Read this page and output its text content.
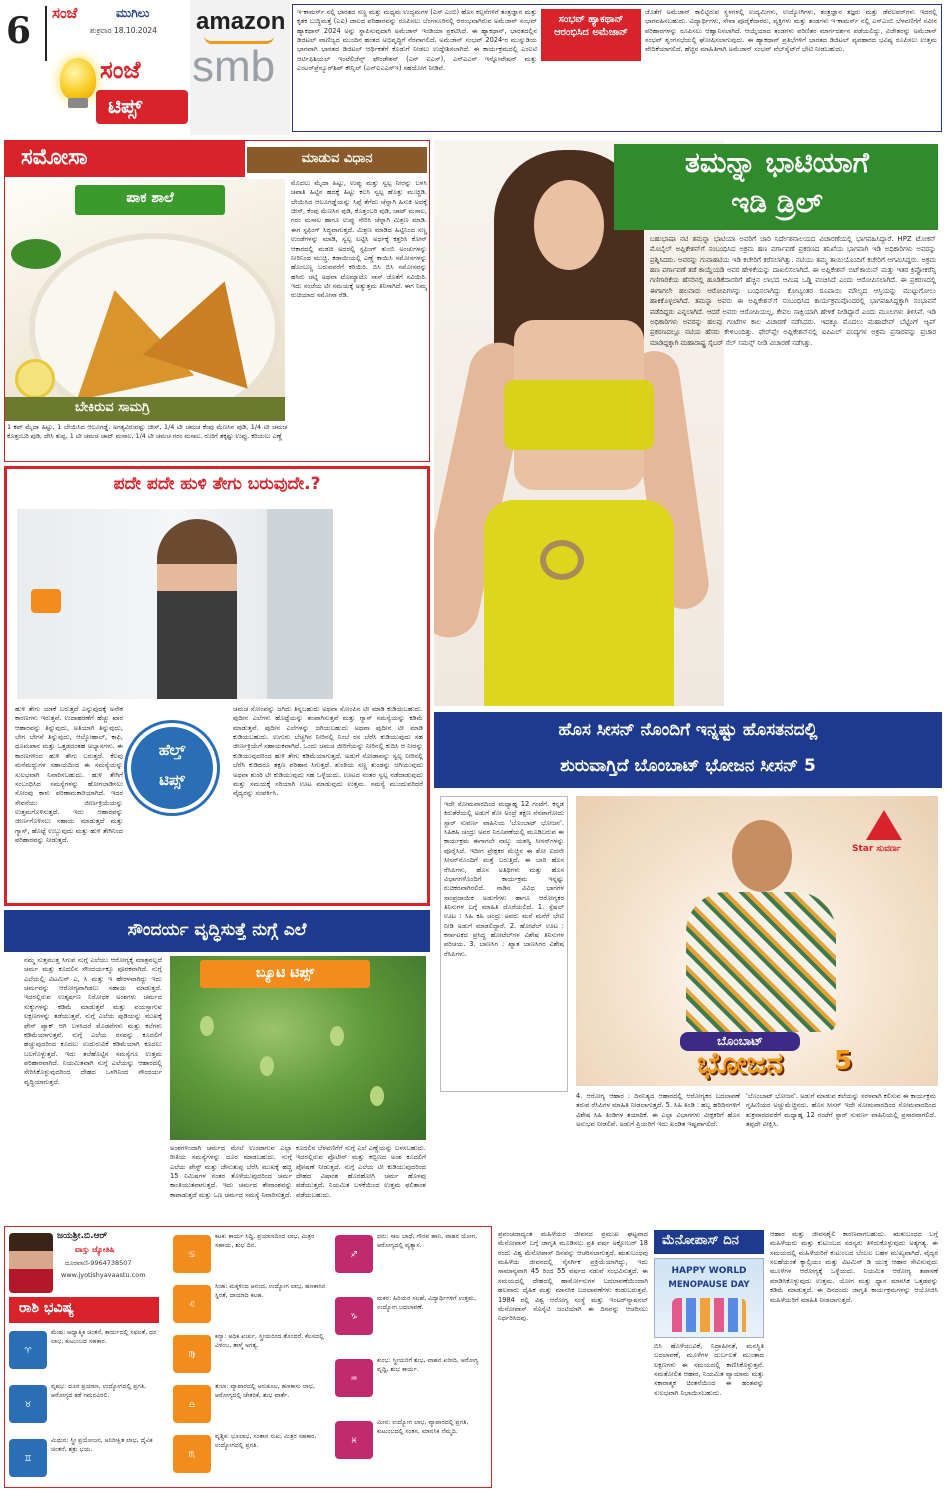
6 ಸಂಜೆ	ಮುಗಿಲು
ಶುಕ್ರವಾರ 18.10.2024
ಸಂಜೆ
ಟಿಪ್ಸ್
amazon
smb
ಇ-ಕಾಮರ್ಸ್ ನಲ್ಲಿ ಭಾರತದ ಸಣ್ಣ ಮತ್ತು ಮಧ್ಯಮ ಉದ್ಯಮಗಳ (ಎಸ್ ಎಂಬಿ) ಹೊಸ ಕಲ್ಪನೆಗಳಿಗೆ ತಂತ್ರಜ್ಞಾನ ಮತ್ತು ಕೃತಕ ಬುದ್ಧಿಮತ್ತೆ (ಎಐ) ಜಾಲದ ಪರಿಹಾರವನ್ನು ರೂಪಿಸಲು ಬೆಂಗಳೂರಿನಲ್ಲಿ ಆರಂಭವಾಗಿರುವ ಅಮೆಜಾನ್ ಸಂಭವ್ ಹ್ಯಾಕಥಾನ್ 2024 ಅನ್ನು ಸ್ಥಾಪಿಸುವುದಾಗಿ ಅಮೆಜಾನ್ ಇಂಡಿಯಾ ಪ್ರಕಟಿಸಿದೆ. ಈ ಹ್ಯಾಕಥಾನ್, ಭಾರತದಲ್ಲಿನ ಡಿಜಿಟಲ್ ವಾಣಿಜ್ಯದ ಮುಂದಿನ ಹಂತದ ಅಭಿವೃದ್ಧಿಗೆ ನೆರವಾಗಲಿದೆ. ಅಮೆಜಾನ್ ಸಂಭವ್ 2024-ರ ಮುನ್ನುಡಿಯ ಭಾಗವಾಗಿ ಭಾರತದ ಡಿಜಿಟಲ್ ಆರ್ಥಿಕತೆಗೆ ಕೊಡುಗೆ ನೀಡಲು ಉದ್ದೇಶಿಸಲಾಗಿದೆ. ಈ ಕಾರ್ಯಕ್ರಮದಲ್ಲಿ ಎಂಐಟಿ ಆರ್ಟಿಫಿಶಿಯಲ್ ಇಂಟೆಲಿಜೆನ್ಸ್ ಫೌಂಡೇಶನ್ (ಎನ್ ಐಎಸ್), ಎನ್‌ಎಎಸ್ ಇನ್ನೋವೇಷನ್ ಮತ್ತು ಎಂಟರ್‌ಪ್ರೆನ್ಯೂರ್‌ಶಿಪ್ ಕೌನ್ಸಿಲ್ (ಎನ್‌ಐಎಎಸ್ಇ) ಸಹಯೋಗ ನೀಡಿವೆ.
ಸಂಭವ್ ಹ್ಯಾಕಥಾನ್ ಆರಂಭಿಸಿದ ಅಮೆಜಾನ್
ಜೊತೆಗೆ ಅಮೆಜಾನ್ ಕಾಲಿಟ್ಟಿರುವ ಸ್ಥಳಗಳಲ್ಲಿ ಉದ್ಯಮಿಗಳು, ಉದ್ಯೋಗಿಗಳು, ತಂತ್ರಜ್ಞಾನ ತಜ್ಞರು ಮತ್ತು ಡೆವಲಪರ್‌ಗಳು ಇದರಲ್ಲಿ ಭಾಗವಹಿಸಬಹುದು. ವಿದ್ಯಾರ್ಥಿಗಳು, ಸೇವಾ ಪೂರೈಕೆದಾರರು, ವ್ಯಕ್ತಿಗಳು ಮತ್ತು ತಂಡಗಳು ಇ-ಕಾಮರ್ಸ್ ನಲ್ಲಿ ಎಸ್‌ಎಂಬಿ ಬೆಳವಣಿಗೆಗೆ ನವೀನ ಪರಿಹಾರಗಳನ್ನು ರೂಪಿಸಲು ಆಹ್ವಾನಿಸಲಾಗಿದೆ. ಆಯ್ಕೆಯಾದ ತಂಡಗಳು ಪರಿಣಿತರ ಮಾರ್ಗದರ್ಶನ ಪಡೆಯಲಿದ್ದು, ವಿಜೇತರನ್ನು ಅಮೆಜಾನ್ ಸಂಭವ್ ಶೃಂಗಸಭೆಯಲ್ಲಿ ಘೋಷಿಸಲಾಗುವುದು. ಈ ಹ್ಯಾಕಥಾನ್ ಪ್ರತಿಭೆಗಳಿಗೆ ಭಾರತದ ಡಿಜಿಟಲ್ ವ್ಯವಹಾರದ ಭವಿಷ್ಯ ರೂಪಿಸಲು ಉತ್ತಮ ವೇದಿಕೆಯಾಗಲಿದೆ. ಹೆಚ್ಚಿನ ಮಾಹಿತಿಗಾಗಿ ಅಮೆಜಾನ್ ಸಂಭವ್ ವೆಬ್‌ಸೈಟ್‌ಗೆ ಭೇಟಿ ನೀಡಬಹುದು.
ಸಮೋಸಾ	ಮಾಡುವ ವಿಧಾನ
ಪಾಕ ಶಾಲೆ
ಬೇಕಿರುವ ಸಾಮಗ್ರಿ
1 ಕಪ್ ಮೈದಾ ಹಿಟ್ಟು, 1 ಬೇಯಿಸಿದ ಆಲೂಗಡ್ಡೆ, ಅಗತ್ಯವಿರುವಷ್ಟು ಚೀಸ್, 1/4 ಟೀ ಚಮಚ ಕೆಂಪು ಮೆಣಸಿನ ಪುಡಿ, 1/4 ಟೀ ಚಮಚ ಕೊತ್ತಂಬರಿ ಪುಡಿ, ದೇಸಿ ತುಪ್ಪ, 1 ಟೀ ಚಮಚ ಚಾಟ್ ಮಸಾಲ, 1/4 ಟೀ ಚಮಚ ಗರಂ ಮಸಾಲ, ರುಚಿಗೆ ತಕ್ಕಷ್ಟು ಉಪ್ಪು, ಕರಿಯಲು ಎಣ್ಣೆ
ಮೊದಲು ಮೈದಾ ಹಿಟ್ಟು, ಉಪ್ಪು ಮತ್ತು ಸ್ವಲ್ಪ ನೀರನ್ನು ಬಳಸಿ ಚಪಾತಿ ಹಿಟ್ಟಿನ ಹದಕ್ಕೆ ಹಿಟ್ಟು ಕಲಸಿ ಸ್ವಲ್ಪ ಹೊತ್ತು ಮುಚ್ಚಿಡಿ. ಬೇಯಿಸಿದ ಆಲೂಗಡ್ಡೆಯನ್ನು ಸಿಪ್ಪೆ ತೆಗೆದು ಚೆನ್ನಾಗಿ ಹಿಸುಕಿ ಅದಕ್ಕೆ ಚೀಸ್, ಕೆಂಪು ಮೆಣಸಿನ ಪುಡಿ, ಕೊತ್ತಂಬರಿ ಪುಡಿ, ಚಾಟ್ ಮಸಾಲ, ಗರಂ ಮಸಾಲ ಹಾಗೂ ಉಪ್ಪು ಸೇರಿಸಿ ಚೆನ್ನಾಗಿ ಮಿಶ್ರಣ ಮಾಡಿ. ಈಗ ಸ್ಟಫಿಂಗ್ ಸಿದ್ಧವಾಗುತ್ತದೆ. ಮಿಶ್ರಣ ಮಾಡಿದ ಹಿಟ್ಟಿನಿಂದ ಸಣ್ಣ ಉಂಡೆಗಳನ್ನು ಮಾಡಿ, ಸ್ವಲ್ಪ ಲಟ್ಟಿಸಿ ಅರ್ಧಕ್ಕೆ ಕತ್ತರಿಸಿ ಕೋನ್ ಆಕಾರದಲ್ಲಿ ಮಡಚಿ ಅದರಲ್ಲಿ ಸ್ಟಫಿಂಗ್ ತುಂಬಿ ಅಂಚುಗಳನ್ನು ನೀರಿನಿಂದ ಮುಚ್ಚಿ. ಕಡಾಯಿಯಲ್ಲಿ ಎಣ್ಣೆ ಕಾಯಿಸಿ ಸಮೋಸಗಳನ್ನು ಹೊಂಬಣ್ಣ ಬರುವವರೆಗೆ ಕರಿಯಿರಿ. ಬಿಸಿ ಬಿಸಿ ಸಮೋಸವನ್ನು ಹಸಿರು ಚಟ್ನಿ ಅಥವಾ ಟೊಮ್ಯಾಟೊ ಸಾಸ್ ಜೊತೆಗೆ ಸವಿಯಿರಿ. ಇದು ಸಂಜೆಯ ಟೀ ಸಮಯಕ್ಕೆ ಅತ್ಯುತ್ತಮ ತಿನಿಸಾಗಿದೆ. ಈಗ ನಿಮ್ಮ ರುಚಿಯಾದ ಸಮೋಸಾ ರೆಡಿ.
ಪದೇ ಪದೇ ಹುಳಿ ತೇಗು ಬರುವುದೇ.?
ಹೆಲ್ತ್
ಟಿಪ್ಸ್
ಹುಳಿ ತೇಗು ಯಾಕೆ ಬರುತ್ತದೆ ಎನ್ನುವುದಕ್ಕೆ ಅನೇಕ ಕಾರಣಗಳು ಇರುತ್ತವೆ. ಉದಾಹರಣೆಗೆ ಹೆಚ್ಚು ಖಾರ ಆಹಾರವನ್ನು ತಿನ್ನುವುದು, ಅತಿಯಾಗಿ ತಿನ್ನುವುದು, ಬೇಗ ಬೇಗನೆ ತಿನ್ನುವುದು, ಆಲ್ಕೋಹಾಲ್, ಕಾಫಿ, ಧೂಮಪಾನ ಮತ್ತು ಒತ್ತಡದಂತಹ ಅಭ್ಯಾಸಗಳು. ಈ ಕಾರಣಗಳಿಂದ ಹುಳಿ ತೇಗು ಬರುತ್ತದೆ. ಕೆಲವು ಮನೆಮದ್ದುಗಳ ಸಹಾಯದಿಂದ ಈ ಸಮಸ್ಯೆಯನ್ನು ಸುಲಭವಾಗಿ ನಿವಾರಿಸಬಹುದು. ಹುಳಿ ತೇಗಿಗೆ ಸಂಬಂಧಿಸಿದ ಸಮಸ್ಯೆಗಳನ್ನು ಹೋಗಲಾಡಿಸಲು ಸೋಂಪು ಕಾಳು ಪರಿಣಾಮಕಾರಿಯಾಗಿದೆ. ಇದರ ಸೇವನೆಯು ಜೀರ್ಣಕ್ರಿಯೆಯನ್ನು ಉತ್ತಮಗೊಳಿಸುತ್ತದೆ. ಇದು ಆಹಾರವನ್ನು ಜೀರ್ಣಗೊಳಿಸಲು ಸಹಾಯ ಮಾಡುತ್ತದೆ ಮತ್ತು ಗ್ಯಾಸ್, ಹೊಟ್ಟೆ ಉಬ್ಬುವುದು ಮತ್ತು ಹುಳಿ ತೇಗಿನಿಂದ ಪರಿಹಾರವನ್ನು ನೀಡುತ್ತದೆ.
ಚಮಚ ಸೋಂಪನ್ನು ಜಗಿದು ತಿನ್ನಬಹುದು ಅಥವಾ ಸೋಂಪಿನ ಟೀ ಮಾಡಿ ಕುಡಿಯಬಹುದು. ಪುದೀನ ಎಲೆಗಳು ಹೊಟ್ಟೆಯನ್ನು ತಂಪಾಗಿಸುತ್ತವೆ ಮತ್ತು ಗ್ಯಾಸ್ ಸಮಸ್ಯೆಯನ್ನು ಕಡಿಮೆ ಮಾಡುತ್ತವೆ. ಪುದೀನ ಎಲೆಗಳನ್ನು ಜಗಿಯಬಹುದು ಅಥವಾ ಪುದೀನ ಟೀ ಮಾಡಿ ಕುಡಿಯಬಹುದು. ಉಗುರು ಬೆಚ್ಚಗಿನ ನೀರಿನಲ್ಲಿ ನಿಂಬೆ ರಸ ಬೆರೆಸಿ ಕುಡಿಯುವುದು ಸಹ ಜೀರ್ಣಕ್ರಿಯೆಗೆ ಸಹಾಯಕವಾಗಿದೆ. ಒಂದು ಚಮಚ ಜೀರಿಗೆಯನ್ನು ನೀರಿನಲ್ಲಿ ಕುದಿಸಿ ಆ ನೀರನ್ನು ಕುಡಿಯುವುದರಿಂದ ಹುಳಿ ತೇಗು ಕಡಿಮೆಯಾಗುತ್ತದೆ. ಅಡುಗೆ ಸೋಡಾವನ್ನು ಸ್ವಲ್ಪ ನೀರಿನಲ್ಲಿ ಬೆರೆಸಿ ಕುಡಿದರೂ ತಕ್ಷಣ ಪರಿಹಾರ ಸಿಗುತ್ತದೆ. ಶುಂಠಿಯ ಸಣ್ಣ ತುಂಡನ್ನು ಜಗಿಯುವುದು ಅಥವಾ ಶುಂಠಿ ಟೀ ಕುಡಿಯುವುದು ಸಹ ಒಳ್ಳೆಯದು. ಊಟದ ನಂತರ ಸ್ವಲ್ಪ ನಡೆದಾಡುವುದು ಮತ್ತು ಸಮಯಕ್ಕೆ ಸರಿಯಾಗಿ ಊಟ ಮಾಡುವುದು ಉತ್ತಮ. ಸಮಸ್ಯೆ ಮುಂದುವರಿದರೆ ವೈದ್ಯರನ್ನು ಸಂಪರ್ಕಿಸಿ.
ಸೌಂದರ್ಯ ವೃದ್ಧಿಸುತ್ತೆ ನುಗ್ಗೆ ಎಲೆ
ನಮ್ಮ ಸುತ್ತಮುತ್ತ ಸಿಗುವ ನುಗ್ಗೆ ಎಲೆಯು ಆರೋಗ್ಯಕ್ಕೆ ಮಾತ್ರವಲ್ಲದೆ ಚರ್ಮ ಮತ್ತು ಕೂದಲಿನ ಸೌಂದರ್ಯಕ್ಕೂ ಪೂರಕವಾಗಿದೆ. ನುಗ್ಗೆ ಎಲೆಯಲ್ಲಿ ವಿಟಮಿನ್ ಎ, ಸಿ ಮತ್ತು ಇ ಹೇರಳವಾಗಿದ್ದು ಇದು ಚರ್ಮವನ್ನು ಆರೋಗ್ಯವಾಗಿಡಲು ಸಹಾಯ ಮಾಡುತ್ತದೆ. ಇದರಲ್ಲಿರುವ ಉತ್ಕರ್ಷಣ ನಿರೋಧಕ ಅಂಶಗಳು ಚರ್ಮದ ಸುಕ್ಕುಗಳನ್ನು ಕಡಿಮೆ ಮಾಡುತ್ತವೆ ಮತ್ತು ವಯಸ್ಸಾಗುವ ಲಕ್ಷಣಗಳನ್ನು ತಡೆಯುತ್ತವೆ. ನುಗ್ಗೆ ಎಲೆಯ ಪುಡಿಯನ್ನು ಮುಖಕ್ಕೆ ಫೇಸ್ ಪ್ಯಾಕ್ ಆಗಿ ಬಳಸಿದರೆ ಮೊಡವೆಗಳು ಮತ್ತು ಕಲೆಗಳು ಕಡಿಮೆಯಾಗುತ್ತವೆ. ನುಗ್ಗೆ ಎಲೆಯ ರಸವನ್ನು ಕೂದಲಿಗೆ ಹಚ್ಚುವುದರಿಂದ ಕೂದಲು ಉದುರುವಿಕೆ ಕಡಿಮೆಯಾಗಿ ಕೂದಲು ಬಲಗೊಳ್ಳುತ್ತದೆ. ಇದು ತಲೆಹೊಟ್ಟಿನ ಸಮಸ್ಯೆಗೂ ಉತ್ತಮ ಪರಿಹಾರವಾಗಿದೆ. ನಿಯಮಿತವಾಗಿ ನುಗ್ಗೆ ಎಲೆಯನ್ನು ಆಹಾರದಲ್ಲಿ ಸೇರಿಸಿಕೊಳ್ಳುವುದರಿಂದ ದೇಹದ ಒಳಗಿನಿಂದ ಸೌಂದರ್ಯ ವೃದ್ಧಿಯಾಗುತ್ತದೆ.
ಬ್ಯೂಟಿ ಟಿಪ್ಸ್
ಅಂಶಗಳಿಂದಾಗಿ ಚರ್ಮದ ಮೇಲೆ ಉಂಟಾಗುವ ಎಲ್ಲಾ ರೀತಿಯ ಸಮಸ್ಯೆಗಳನ್ನು ದೂರ ಮಾಡಬಹುದು. ನುಗ್ಗೆ ಎಲೆಯ ಪೇಸ್ಟ್ ಮತ್ತು ಜೇನುತುಪ್ಪ ಬೆರೆಸಿ ಮುಖಕ್ಕೆ ಹಚ್ಚಿ 15 ನಿಮಿಷಗಳ ನಂತರ ತೊಳೆಯುವುದರಿಂದ ಚರ್ಮ ಕಾಂತಿಯುತವಾಗುತ್ತದೆ. ಇದು ಚರ್ಮದ ತೇವಾಂಶವನ್ನು ಕಾಪಾಡುತ್ತದೆ ಮತ್ತು ಒಣ ಚರ್ಮದ ಸಮಸ್ಯೆ ನಿವಾರಿಸುತ್ತದೆ.
ಕೂದಲಿನ ಬೆಳವಣಿಗೆಗೆ ನುಗ್ಗೆ ಎಲೆ ಎಣ್ಣೆಯನ್ನು ಬಳಸಬಹುದು. ಇದರಲ್ಲಿರುವ ಪ್ರೊಟೀನ್ ಮತ್ತು ಕಬ್ಬಿಣದ ಅಂಶ ಕೂದಲಿಗೆ ಪೋಷಣೆ ನೀಡುತ್ತದೆ. ನುಗ್ಗೆ ಎಲೆಯ ಟೀ ಕುಡಿಯುವುದರಿಂದ ದೇಹದ ವಿಷಾಂಶ ಹೊರಹೋಗಿ ಚರ್ಮ ಹೊಳಪು ಪಡೆಯುತ್ತದೆ. ನಿಯಮಿತ ಬಳಕೆಯಿಂದ ಉತ್ತಮ ಫಲಿತಾಂಶ ಪಡೆಯಬಹುದು.
ತಮನ್ನಾ ಭಾಟಿಯಾಗೆ
ಇಡಿ ಡ್ರಿಲ್
ಬಹುಭಾಷಾ ನಟಿ ತಮನ್ನಾ ಭಾಟಿಯಾ ಅವರಿಗೆ ಜಾರಿ ನಿರ್ದೇಶನಾಲಯದ ವಿಚಾರಣೆಯಲ್ಲಿ ಭಾಗವಹಿಸಿದ್ದಾರೆ. HPZ ಟೋಕನ್ ಮೊಬೈಲ್ ಅಪ್ಲಿಕೇಶನ್‌ಗೆ ಸಂಬಂಧಿಸಿದ ಅಕ್ರಮ ಹಣ ವರ್ಗಾವಣೆ ಪ್ರಕರಣದ ತನಿಖೆಯ ಭಾಗವಾಗಿ ಇಡಿ ಅಧಿಕಾರಿಗಳು ಅವರನ್ನು ಪ್ರಶ್ನಿಸಿದರು. ಅವರನ್ನು ಗುವಾಹಟಿಯ ಇಡಿ ಕಚೇರಿಗೆ ಕರೆಸಲಾಗಿತ್ತು. ನಟಿಯು ತಮ್ಮ ತಾಯಿಯೊಂದಿಗೆ ಕಚೇರಿಗೆ ಆಗಮಿಸಿದ್ದರು. ಅಕ್ರಮ ಹಣ ವರ್ಗಾವಣೆ ತಡೆ ಕಾಯ್ದೆಯಡಿ ಅವರ ಹೇಳಿಕೆಯನ್ನು ದಾಖಲಿಸಲಾಗಿದೆ. ಈ ಅಪ್ಲಿಕೇಶನ್ ಬಿಟ್‌ಕಾಯಿನ್ ಮತ್ತು ಇತರ ಕ್ರಿಪ್ಟೋಕರೆನ್ಸಿ ಗಣಿಗಾರಿಕೆಯ ಹೆಸರಿನಲ್ಲಿ ಹೂಡಿಕೆದಾರರಿಗೆ ಹೆಚ್ಚಿನ ಲಾಭದ ಆಮಿಷ ಒಡ್ಡಿ ವಂಚಿಸಿದೆ ಎಂದು ಆರೋಪಿಸಲಾಗಿದೆ. ಈ ಪ್ರಕರಣದಲ್ಲಿ ಈಗಾಗಲೇ ಹಲವಾರು ಆರೋಪಿಗಳನ್ನು ಬಂಧಿಸಲಾಗಿದ್ದು ಕೋಟ್ಯಂತರ ರೂಪಾಯಿ ಮೌಲ್ಯದ ಆಸ್ತಿಯನ್ನು ಮುಟ್ಟುಗೋಲು ಹಾಕಿಕೊಳ್ಳಲಾಗಿದೆ. ತಮನ್ನಾ ಅವರು ಈ ಅಪ್ಲಿಕೇಶನ್‌ಗೆ ಸಂಬಂಧಿಸಿದ ಕಾರ್ಯಕ್ರಮವೊಂದರಲ್ಲಿ ಭಾಗವಹಿಸಿದ್ದಕ್ಕಾಗಿ ಸಂಭಾವನೆ ಪಡೆದಿದ್ದರು ಎನ್ನಲಾಗಿದೆ. ಆದರೆ ಅವರು ಆರೋಪಿಯಲ್ಲ, ಕೇವಲ ಸಾಕ್ಷಿಯಾಗಿ ಹೇಳಿಕೆ ನೀಡಿದ್ದಾರೆ ಎಂದು ಮೂಲಗಳು ತಿಳಿಸಿವೆ. ಇಡಿ ಅಧಿಕಾರಿಗಳು ಅವರನ್ನು ಹಲವು ಗಂಟೆಗಳ ಕಾಲ ವಿಚಾರಣೆ ನಡೆಸಿದರು. ಇದಕ್ಕೂ ಮೊದಲು ಮಹಾದೇವ್ ಬೆಟ್ಟಿಂಗ್ ಆ್ಯಪ್ ಪ್ರಕರಣದಲ್ಲೂ ನಟಿಯ ಹೆಸರು ಕೇಳಿಬಂದಿತ್ತು. ಫೇರ್‌ಪ್ಲೇ ಅಪ್ಲಿಕೇಶನ್‌ನಲ್ಲಿ ಐಪಿಎಲ್ ಪಂದ್ಯಗಳ ಅಕ್ರಮ ಪ್ರಸಾರವನ್ನು ಪ್ರಚಾರ ಮಾಡಿದ್ದಕ್ಕಾಗಿ ಮಹಾರಾಷ್ಟ್ರ ಸೈಬರ್ ಸೆಲ್ ಸಮನ್ಸ್ ನೀಡಿ ವಿಚಾರಣೆ ನಡೆಸಿತ್ತು.
ಹೊಸ ಸೀಸನ್ ನೊಂದಿಗೆ ಇನ್ನಷ್ಟು ಹೊಸತನದಲ್ಲಿ
ಶುರುವಾಗ್ತಿದೆ ಬೊಂಬಾಟ್ ಭೋಜನ ಸೀಸನ್ 5
ಇದೇ ಸೋಮವಾರದಿಂದ ಮಧ್ಯಾಹ್ನ 12 ಗಂಟೆಗೆ. ಕನ್ನಡ ಕಿರುತೆರೆಯಲ್ಲಿ ಅಡುಗೆ ಶೋ ಅಂದ್ರೆ ತಕ್ಷಣ ನೆನಪಾಗೋದು ಸ್ಟಾರ್ ಸುವರ್ಣ ವಾಹಿನಿಯ 'ಬೊಂಬಾಟ್ ಭೋಜನ'. ಸಿಹಿಕಹಿ ಚಂದ್ರು ಅವರ ನಿರೂಪಣೆಯಲ್ಲಿ ಮೂಡಿಬರುವ ಈ ಕಾರ್ಯಕ್ರಮ ಈಗಾಗಲೇ ನಾಲ್ಕು ಯಶಸ್ವಿ ಸೀಸನ್‌ಗಳನ್ನು ಪೂರೈಸಿದೆ. ಇದೀಗ ಪ್ರೇಕ್ಷಕರ ಮೆಚ್ಚಿನ ಈ ಶೋ ಐದನೇ ಸೀಸನ್‌ನೊಂದಿಗೆ ಮತ್ತೆ ಬರುತ್ತಿದೆ. ಈ ಬಾರಿ ಹೊಸ ರೆಸಿಪಿಗಳು, ಹೊಸ ಅತಿಥಿಗಳು ಮತ್ತು ಹೊಸ ವಿಭಾಗಗಳೊಂದಿಗೆ ಕಾರ್ಯಕ್ರಮ ಇನ್ನಷ್ಟು ರುಚಿಕರವಾಗಿರಲಿದೆ. ನಾಡಿನ ವಿವಿಧ ಭಾಗಗಳ ಸಾಂಪ್ರದಾಯಿಕ ಅಡುಗೆಗಳು ಹಾಗೂ ಆರೋಗ್ಯಕರ ತಿನಿಸುಗಳ ಬಗ್ಗೆ ಮಾಹಿತಿ ದೊರೆಯಲಿದೆ. 1. ಸ್ಪೆಷಲ್ ಊಟ : ಸಿಹಿ ಕಹಿ ಚಂದ್ರು ಅವರು ಮನೆ ಮನೆಗೆ ಭೇಟಿ ನೀಡಿ ಅಡುಗೆ ಮಾಡಲಿದ್ದಾರೆ. 2. ಹೋಟೆಲ್ ಊಟ : ಕರ್ನಾಟಕದ ಪ್ರಸಿದ್ಧ ಹೋಟೆಲ್‌ಗಳ ವಿಶೇಷ ತಿನಿಸುಗಳ ಪರಿಚಯ. 3. ಬಾಣಸಿಗ : ಖ್ಯಾತ ಬಾಣಸಿಗರ ವಿಶೇಷ ರೆಸಿಪಿಗಳು.
Star ಸುವರ್ಣ
ಬೊಂಬಾಟ್
ಭೋಜನ	5
4. ಆರೋಗ್ಯ ಆಹಾರ : ದಿನನಿತ್ಯದ ಆಹಾರದಲ್ಲಿ ಆರೋಗ್ಯಕರ ಬದಲಾವಣೆ ತರುವ ರೆಸಿಪಿಗಳ ಮಾಹಿತಿ ನೀಡಲಾಗುತ್ತದೆ. 5. ಸಿಹಿ ತಿಂಡಿ : ಹಬ್ಬ ಹರಿದಿನಗಳಿಗೆ ವಿಶೇಷ ಸಿಹಿ ತಿಂಡಿಗಳ ತಯಾರಿಕೆ. ಈ ಎಲ್ಲಾ ವಿಭಾಗಗಳು ವೀಕ್ಷಕರಿಗೆ ಹೊಸ ಅನುಭವ ನೀಡಲಿವೆ. ಅಡುಗೆ ಪ್ರಿಯರಿಗೆ ಇದು ಖಂಡಿತ ಇಷ್ಟವಾಗಲಿದೆ.
'ಬೊಂಬಾಟ್ ಭೋಜನ'. ಅಡುಗೆ ಮಾಡುವ ಕಲೆಯನ್ನು ಸರಳವಾಗಿ ಕಲಿಸುವ ಈ ಕಾರ್ಯಕ್ರಮ ಗೃಹಿಣಿಯರ ಅಚ್ಚುಮೆಚ್ಚಿನದು. ಹೊಸ ಸೀಸನ್ ಇದೇ ಸೋಮವಾರದಿಂದ ಸೋಮವಾರದಿಂದ ಶುಕ್ರವಾರದವರೆಗೆ ಮಧ್ಯಾಹ್ನ 12 ಗಂಟೆಗೆ ಸ್ಟಾರ್ ಸುವರ್ಣ ವಾಹಿನಿಯಲ್ಲಿ ಪ್ರಸಾರವಾಗಲಿದೆ. ತಪ್ಪದೇ ವೀಕ್ಷಿಸಿ.
ಜಯಶ್ರೀ.ಬಿ.ಆರ್
ವಾಸ್ತು ಜ್ಯೋತಿಷಿ
ದೂರವಾಣಿ-9964738507
www.jyotishyavaastu.com
ರಾಶಿ ಭವಿಷ್ಯ
♈
ಮೇಷ: ಆಧ್ಯಾತ್ಮಿಕ ಚಿಂತನೆ, ಕಾರ್ಯದಲ್ಲಿ ಸಫಲತೆ, ಧನ ಲಾಭ, ಕುಟುಂಬದ ಸಹಕಾರ.
♉
ವೃಷಭ: ದೂರ ಪ್ರಯಾಣ, ಉದ್ಯೋಗದಲ್ಲಿ ಪ್ರಗತಿ, ಆರೋಗ್ಯದ ಕಡೆ ಗಮನವಿರಲಿ.
♊
ಮಿಥುನ: ಸ್ತ್ರೀ ಪ್ರಯೋಜನ, ಅನಿರೀಕ್ಷಿತ ಲಾಭ, ದೈವಿಕ ಚಿಂತನೆ, ಶತ್ರು ಭಯ.
♋
ಕಟಕ: ಕಾರ್ಯ ಸಿದ್ಧಿ, ಪ್ರಯಾಣದಿಂದ ಲಾಭ, ಮಿತ್ರರ ಸಹಾಯ, ಶುಭ ದಿನ.
♌
ಸಿಂಹ: ಮಕ್ಕಳಿಂದ ಆನಂದ, ಉದ್ಯೋಗ ಲಾಭ, ಹಣಕಾಸಿನ ಸ್ಥಿರತೆ, ದಾಯಾದಿ ಕಲಹ.
♍
ಕನ್ಯಾ: ಅಧಿಕ ಖರ್ಚು, ಸ್ತ್ರೀಯರಿಂದ ತೊಂದರೆ, ಕೆಲಸದಲ್ಲಿ ವಿಳಂಬ, ತಾಳ್ಮೆ ಅಗತ್ಯ.
♎
ತುಲಾ: ವ್ಯಾಪಾರದಲ್ಲಿ ಅನುಕೂಲ, ಹಣಕಾಸು ಲಾಭ, ಆರೋಗ್ಯದಲ್ಲಿ ಚೇತರಿಕೆ, ಶುಭ ವಾರ್ತೆ.
♏
ವೃಶ್ಚಿಕ: ಭೂಲಾಭ, ಸಂತಾನ ಸುಖ, ಮಿತ್ರರ ಸಹಕಾರ, ಉದ್ಯೋಗದಲ್ಲಿ ಪ್ರಗತಿ.
♐
ಧನು: ಸಾಲ ಬಾಧೆ, ಗೌರವ ಹಾನಿ, ವಾಹನ ಯೋಗ, ಆರೋಗ್ಯದಲ್ಲಿ ವ್ಯತ್ಯಾಸ.
♑
ಮಕರ: ಹಿರಿಯರ ಸಲಹೆ, ವಿದ್ಯಾರ್ಥಿಗಳಿಗೆ ಉತ್ತಮ, ಉದ್ಯೋಗ ಬದಲಾವಣೆ.
♒
ಕುಂಭ: ಸ್ತ್ರೀಯರಿಗೆ ಶುಭ, ವಾಹನ ಖರೀದಿ, ಆರೋಗ್ಯ ವೃದ್ಧಿ, ಶುಭ ಕಾರ್ಯ.
♓
ಮೀನ: ಉದ್ಯೋಗ ಲಾಭ, ವ್ಯಾಪಾರದಲ್ಲಿ ಪ್ರಗತಿ, ಕುಟುಂಬದಲ್ಲಿ ಸಂತಸ, ಮಾನಸಿಕ ನೆಮ್ಮದಿ.
ಪ್ರಪಂಚದಾದ್ಯಂತ ಮಹಿಳೆಯರ ಜೀವನದ ಪ್ರಮುಖ ಘಟ್ಟವಾದ ಮೆನೋಪಾಸ್ ಬಗ್ಗೆ ಜಾಗೃತಿ ಮೂಡಿಸಲು ಪ್ರತಿ ವರ್ಷ ಅಕ್ಟೋಬರ್ 18 ರಂದು ವಿಶ್ವ ಮೆನೋಪಾಸ್ ದಿನವನ್ನು ಆಚರಿಸಲಾಗುತ್ತದೆ. ಋತುಬಂಧವು ಮಹಿಳೆಯ ಜೀವನದಲ್ಲಿ ನೈಸರ್ಗಿಕ ಪ್ರಕ್ರಿಯೆಯಾಗಿದ್ದು, ಇದು ಸಾಮಾನ್ಯವಾಗಿ 45 ರಿಂದ 55 ವರ್ಷದ ನಡುವೆ ಸಂಭವಿಸುತ್ತದೆ. ಈ ಸಮಯದಲ್ಲಿ ದೇಹದಲ್ಲಿ ಹಾರ್ಮೋನುಗಳ ಬದಲಾವಣೆಯಿಂದಾಗಿ ಹಲವಾರು ದೈಹಿಕ ಮತ್ತು ಮಾನಸಿಕ ಬದಲಾವಣೆಗಳು ಕಂಡುಬರುತ್ತವೆ. 1984 ರಲ್ಲಿ ವಿಶ್ವ ಆರೋಗ್ಯ ಸಂಸ್ಥೆ ಮತ್ತು ಇಂಟರ್‌ನ್ಯಾಷನಲ್ ಮೆನೋಪಾಸ್ ಸೊಸೈಟಿ ಜಂಟಿಯಾಗಿ ಈ ದಿನವನ್ನು ಆಚರಿಸಲು ನಿರ್ಧರಿಸಿದವು.
ಮೆನೋಪಾಸ್ ದಿನ
HAPPY WORLD
MENOPAUSE DAY
ಬಿಸಿ ಹೊಳೆಯುವಿಕೆ, ನಿದ್ರಾಹೀನತೆ, ಮನಸ್ಥಿತಿ ಬದಲಾವಣೆ, ಮೂಳೆಗಳ ದುರ್ಬಲತೆ ಮುಂತಾದ ಲಕ್ಷಣಗಳು ಈ ಸಮಯದಲ್ಲಿ ಕಾಣಿಸಿಕೊಳ್ಳುತ್ತವೆ. ಸಮತೋಲಿತ ಆಹಾರ, ನಿಯಮಿತ ವ್ಯಾಯಾಮ ಮತ್ತು ಸಕಾರಾತ್ಮಕ ಚಿಂತನೆಯಿಂದ ಈ ಹಂತವನ್ನು ಸುಲಭವಾಗಿ ನಿಭಾಯಿಸಬಹುದು.
ಆಹಾರ ಮತ್ತು ಜೀವನಶೈಲಿ ಕಾರಣವಾಗಬಹುದು. ಋತುಬಂಧದ ಬಗ್ಗೆ ಮಹಿಳೆಯರು ಮತ್ತು ಕುಟುಂಬದ ಸದಸ್ಯರು ತಿಳಿದುಕೊಳ್ಳುವುದು ಅತ್ಯಗತ್ಯ. ಈ ಸಮಯದಲ್ಲಿ ಮಹಿಳೆಯರಿಗೆ ಕುಟುಂಬದ ಬೆಂಬಲ ಬಹಳ ಮುಖ್ಯವಾಗಿದೆ. ವೈದ್ಯರ ಸಲಹೆಯಂತೆ ಕ್ಯಾಲ್ಸಿಯಂ ಮತ್ತು ವಿಟಮಿನ್ ಡಿ ಯುಕ್ತ ಆಹಾರ ಸೇವಿಸುವುದು ಮೂಳೆಗಳ ಆರೋಗ್ಯಕ್ಕೆ ಒಳ್ಳೆಯದು. ನಿಯಮಿತ ಆರೋಗ್ಯ ತಪಾಸಣೆ ಮಾಡಿಸಿಕೊಳ್ಳುವುದು ಉತ್ತಮ. ಯೋಗ ಮತ್ತು ಧ್ಯಾನ ಮಾನಸಿಕ ಒತ್ತಡವನ್ನು ಕಡಿಮೆ ಮಾಡುತ್ತದೆ. ಈ ದಿನದಂದು ಜಾಗೃತಿ ಕಾರ್ಯಕ್ರಮಗಳನ್ನು ಆಯೋಜಿಸಿ ಮಹಿಳೆಯರಿಗೆ ಮಾಹಿತಿ ನೀಡಲಾಗುತ್ತದೆ.
